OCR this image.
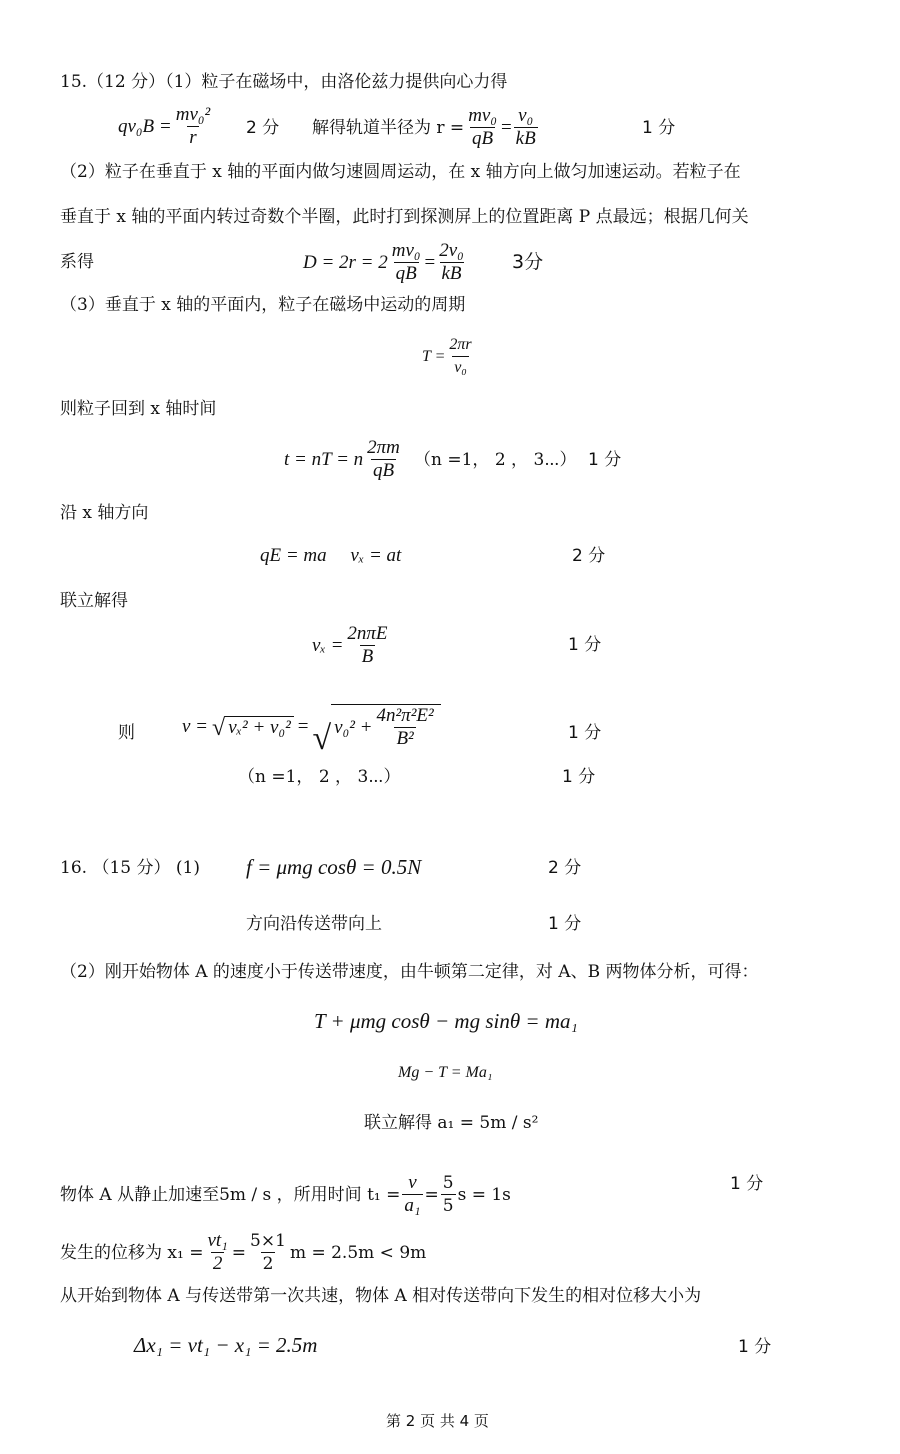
15.（12 分）（1）粒子在磁场中，由洛伦兹力提供向心力得
$qv_0B = \frac{\text{mv₀²}}{r} 2$ 分 解得轨道半径为 $r = \frac{\text{mv₀}}{qB} = \frac{\text{v₀}}{kB}$	1 分
（2）粒子在垂直于 x 轴的平面内做匀速圆周运动，在 x 轴方向上做匀加速运动。若粒子在
垂直于 x 轴的平面内转过奇数个半圈，此时打到探测屏上的位置距离 P 点最远；根据几何关
系得	$D = 2r = 2 \frac{\text{mv₀}}{qB} = \frac{\text{2v₀}}{kB} 3$分
（3）垂直于 x 轴的平面内，粒子在磁场中运动的周期
$T = \frac{2\pi r}{\text{v₀}}$
则粒子回到 x 轴时间
t = nT = n $\frac{2\pi m}{qB} (n =1$， 2 ， 3⋯） 1 分
沿 x 轴方向
qE = ma     vₓ = at	2 分
联立解得
$v_x = \frac{\text{2nπE}}{B}$	1 分
则 v = √ vₓ² + v₀² = √ $v_0^2 + \frac{\text{4n²π²E²}}{\text{B²}}$	1 分
（n =1， 2 ， 3⋯）	1 分
16. （15 分） (1) f = μmg cosθ = 0.5N	2 分
方向沿传送带向上	1 分
（2）刚开始物体 A 的速度小于传送带速度，由牛顿第二定律，对 A、B 两物体分析，可得：
T + μmg cosθ − mg sinθ = ma₁
Mg − T = Ma₁
联立解得 a₁ = 5m / s²
物体 A 从静止加速至5m / s ，所用时间 $t_1 = \frac{v}{\text{a₁}} = \frac{5}{5}$ s = 1s
1 分
发生的位移为 $x_1 = \frac{\text{vt₁}}{2} = \frac{5\times 1}{2}$ m = 2.5m < 9m
从开始到物体 A 与传送带第一次共速，物体 A 相对传送带向下发生的相对位移大小为
Δx₁ = vt₁ − x₁ = 2.5m	1 分
第 2 页 共 4 页
